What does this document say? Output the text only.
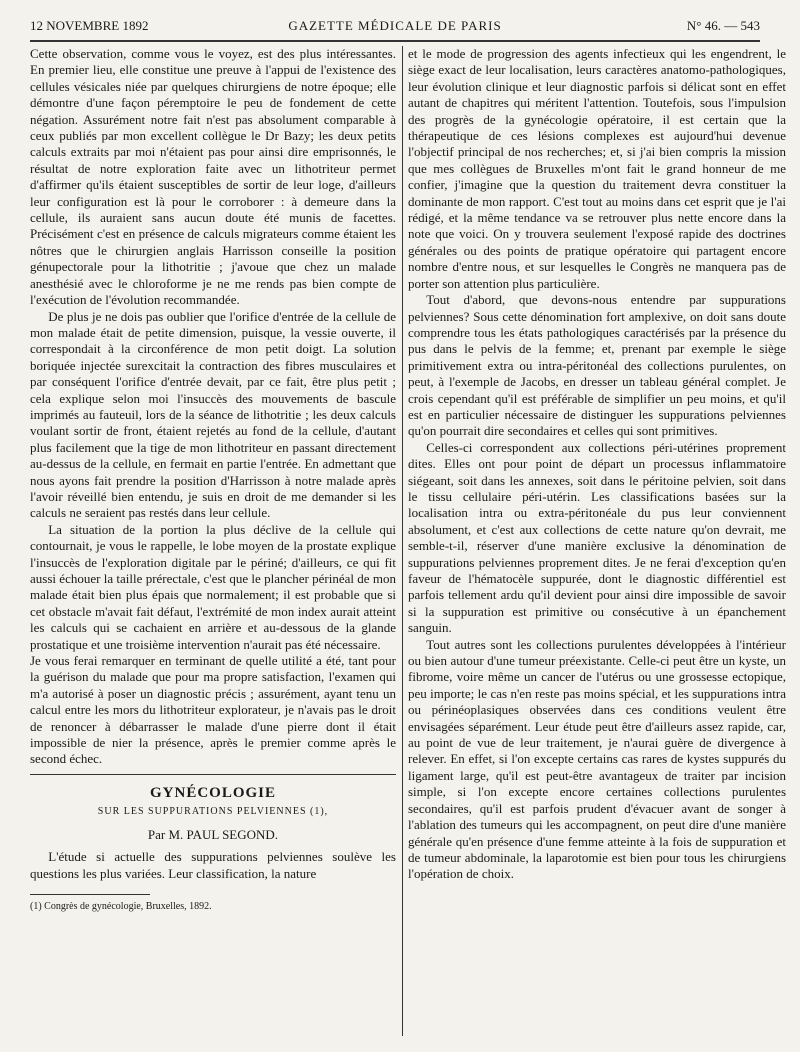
12 NOVEMBRE 1892	GAZETTE MÉDICALE DE PARIS	N° 46. — 543

Cette observation, comme vous le voyez, est des plus intéressantes. En premier lieu, elle constitue une preuve à l'appui de l'existence des cellules vésicales niée par quelques chirurgiens de notre époque; elle démontre d'une façon péremptoire le peu de fondement de cette négation. Assurément notre fait n'est pas absolument comparable à ceux publiés par mon excellent collègue le Dr Bazy; les deux petits calculs extraits par moi n'étaient pas pour ainsi dire emprisonnés, le résultat de notre exploration faite avec un lithotriteur permet d'affirmer qu'ils étaient susceptibles de sortir de leur loge, d'ailleurs leur configuration est là pour le corroborer : à demeure dans la cellule, ils auraient sans aucun doute été munis de facettes. Précisément c'est en présence de calculs migrateurs comme étaient les nôtres que le chirurgien anglais Harrisson conseille la position génupectorale pour la lithotritie ; j'avoue que chez un malade anesthésié avec le chloroforme je ne me rends pas bien compte de l'exécution de l'évolution recommandée.

De plus je ne dois pas oublier que l'orifice d'entrée de la cellule de mon malade était de petite dimension, puisque, la vessie ouverte, il correspondait à la circonférence de mon petit doigt. La solution boriquée injectée surexcitait la contraction des fibres musculaires et par conséquent l'orifice d'entrée devait, par ce fait, être plus petit ; cela explique selon moi l'insuccès des mouvements de bascule imprimés au fauteuil, lors de la séance de lithotritie ; les deux calculs voulant sortir de front, étaient rejetés au fond de la cellule, d'autant plus facilement que la tige de mon lithotriteur en passant directement au-dessus de la cellule, en fermait en partie l'entrée. En admettant que nous ayons fait prendre la position d'Harrisson à notre malade après l'avoir réveillé bien entendu, je suis en droit de me demander si les calculs ne seraient pas restés dans leur cellule.

La situation de la portion la plus déclive de la cellule qui contournait, je vous le rappelle, le lobe moyen de la prostate explique l'insuccès de l'exploration digitale par le périné; d'ailleurs, ce qui fit aussi échouer la taille prérectale, c'est que le plancher périnéal de mon malade était bien plus épais que normalement; il est probable que si cet obstacle m'avait fait défaut, l'extrémité de mon index aurait atteint les calculs qui se cachaient en arrière et au-dessous de la glande prostatique et une troisième intervention n'aurait pas été nécessaire.

Je vous ferai remarquer en terminant de quelle utilité a été, tant pour la guérison du malade que pour ma propre satisfaction, l'examen qui m'a autorisé à poser un diagnostic précis ; assurément, ayant tenu un calcul entre les mors du lithotriteur explorateur, je n'avais pas le droit de renoncer à débarrasser le malade d'une pierre dont il était impossible de nier la présence, après le premier comme après le second échec.

GYNÉCOLOGIE
SUR LES SUPPURATIONS PELVIENNES (1),
Par M. PAUL SEGOND.

L'étude si actuelle des suppurations pelviennes soulève les questions les plus variées. Leur classification, la nature

(1) Congrès de gynécologie, Bruxelles, 1892.

et le mode de progression des agents infectieux qui les engendrent, le siège exact de leur localisation, leurs caractères anatomo-pathologiques, leur évolution clinique et leur diagnostic parfois si délicat sont en effet autant de chapitres qui méritent l'attention. Toutefois, sous l'impulsion des progrès de la gynécologie opératoire, il est certain que la thérapeutique de ces lésions complexes est aujourd'hui devenue l'objectif principal de nos recherches; et, si j'ai bien compris la mission que mes collègues de Bruxelles m'ont fait le grand honneur de me confier, j'imagine que la question du traitement devra constituer la dominante de mon rapport. C'est tout au moins dans cet esprit que je l'ai rédigé, et la même tendance va se retrouver plus nette encore dans la note que voici. On y trouvera seulement l'exposé rapide des doctrines générales ou des points de pratique opératoire qui partagent encore nombre d'entre nous, et sur lesquelles le Congrès ne manquera pas de porter son attention plus particulière.

Tout d'abord, que devons-nous entendre par suppurations pelviennes? Sous cette dénomination fort amplexive, on doit sans doute comprendre tous les états pathologiques caractérisés par la présence du pus dans le pelvis de la femme; et, prenant par exemple le siège primitivement extra ou intra-péritonéal des collections purulentes, on peut, à l'exemple de Jacobs, en dresser un tableau général complet. Je crois cependant qu'il est préférable de simplifier un peu moins, et qu'il est en particulier nécessaire de distinguer les suppurations pelviennes qu'on pourrait dire secondaires et celles qui sont primitives.

Celles-ci correspondent aux collections péri-utérines proprement dites. Elles ont pour point de départ un processus inflammatoire siégeant, soit dans les annexes, soit dans le péritoine pelvien, soit dans le tissu cellulaire péri-utérin. Les classifications basées sur la localisation intra ou extra-péritonéale du pus leur conviennent absolument, et c'est aux collections de cette nature qu'on devrait, me semble-t-il, réserver d'une manière exclusive la dénomination de suppurations pelviennes proprement dites. Je ne ferai d'exception qu'en faveur de l'hématocèle suppurée, dont le diagnostic différentiel est parfois tellement ardu qu'il devient pour ainsi dire impossible de savoir si la suppuration est primitive ou consécutive à un épanchement sanguin.

Tout autres sont les collections purulentes développées à l'intérieur ou bien autour d'une tumeur préexistante. Celle-ci peut être un kyste, un fibrome, voire même un cancer de l'utérus ou une grossesse ectopique, peu importe; le cas n'en reste pas moins spécial, et les suppurations intra ou périnéoplasiques observées dans ces conditions veulent être envisagées séparément. Leur étude peut être d'ailleurs assez rapide, car, au point de vue de leur traitement, je n'aurai guère de divergence à relever. En effet, si l'on excepte certains cas rares de kystes suppurés du ligament large, qu'il est peut-être avantageux de traiter par incision simple, si l'on excepte encore certaines collections purulentes secondaires, qu'il est parfois prudent d'évacuer avant de songer à l'ablation des tumeurs qui les accompagnent, on peut dire d'une manière générale qu'en présence d'une femme atteinte à la fois de suppuration et de tumeur abdominale, la laparotomie est bien pour tous les chirurgiens l'opération de choix.
